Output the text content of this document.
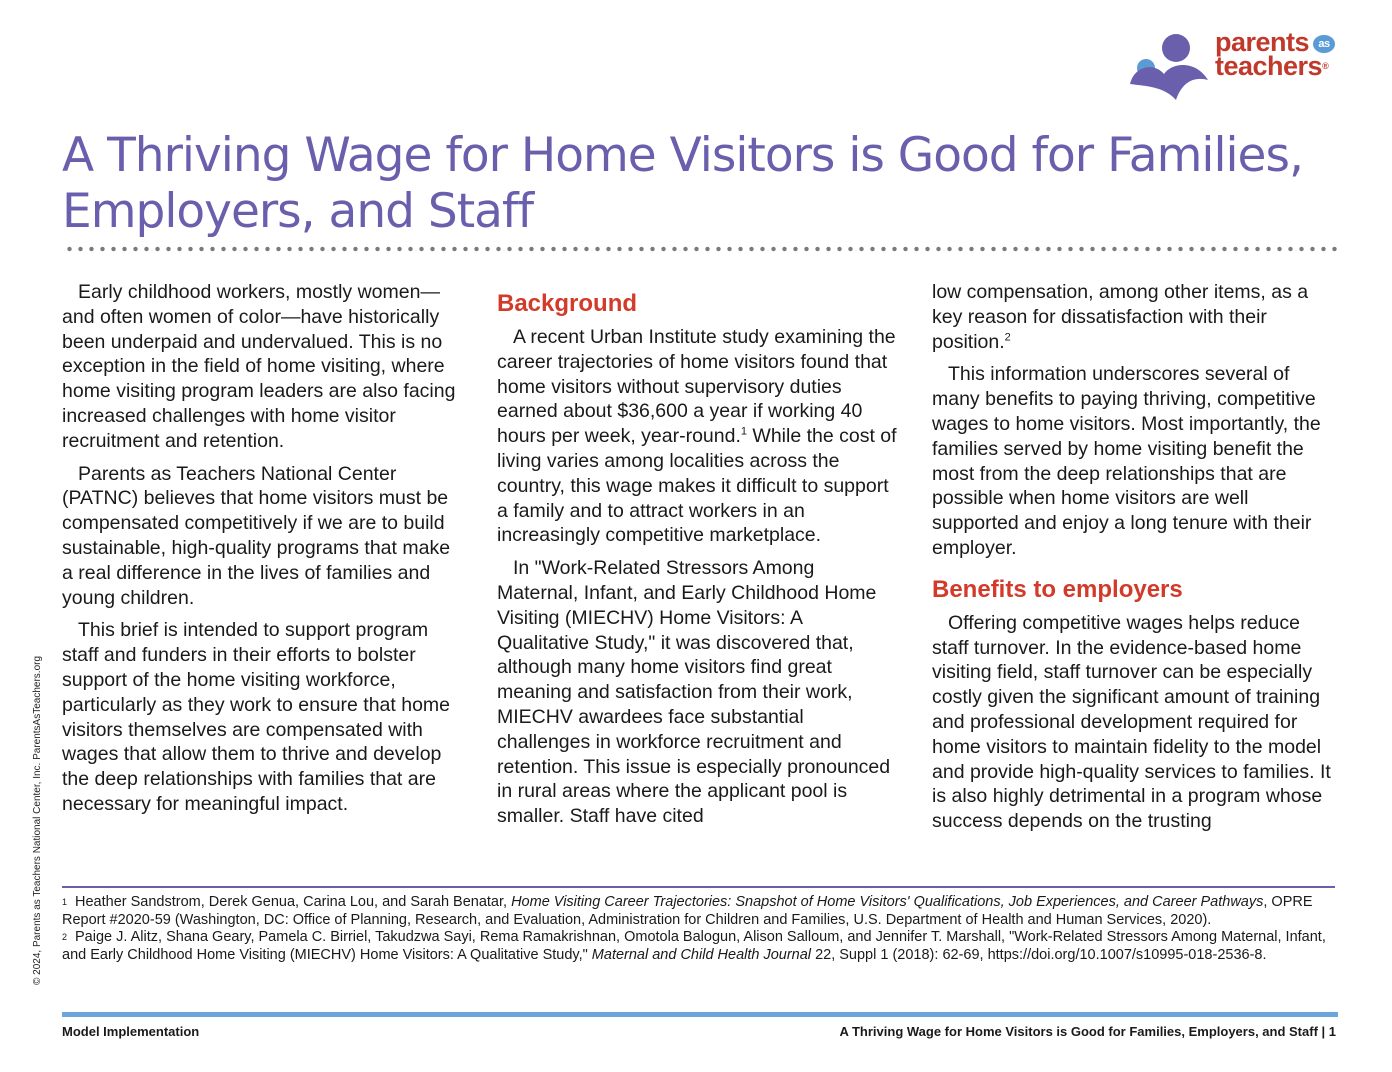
parents as
teachers®
A Thriving Wage for Home Visitors is Good for Families, Employers, and Staff

Early childhood workers, mostly women—and often women of color—have historically been underpaid and undervalued. This is no exception in the field of home visiting, where home visiting program leaders are also facing increased challenges with home visitor recruitment and retention.

Parents as Teachers National Center (PATNC) believes that home visitors must be compensated competitively if we are to build sustainable, high-quality programs that make a real difference in the lives of families and young children.

This brief is intended to support program staff and funders in their efforts to bolster support of the home visiting workforce, particularly as they work to ensure that home visitors themselves are compensated with wages that allow them to thrive and develop the deep relationships with families that are necessary for meaningful impact.

Background

A recent Urban Institute study examining the career trajectories of home visitors found that home visitors without supervisory duties earned about $36,600 a year if working 40 hours per week, year-round.$^1$ While the cost of living varies among localities across the country, this wage makes it difficult to support a family and to attract workers in an increasingly competitive marketplace.

In "Work-Related Stressors Among Maternal, Infant, and Early Childhood Home Visiting (MIECHV) Home Visitors: A Qualitative Study," it was discovered that, although many home visitors find great meaning and satisfaction from their work, MIECHV awardees face substantial challenges in workforce recruitment and retention. This issue is especially pronounced in rural areas where the applicant pool is smaller. Staff have cited

low compensation, among other items, as a key reason for dissatisfaction with their position.$^2$

This information underscores several of many benefits to paying thriving, competitive wages to home visitors. Most importantly, the families served by home visiting benefit the most from the deep relationships that are possible when home visitors are well supported and enjoy a long tenure with their employer.

Benefits to employers

Offering competitive wages helps reduce staff turnover. In the evidence-based home visiting field, staff turnover can be especially costly given the significant amount of training and professional development required for home visitors to maintain fidelity to the model and provide high-quality services to families. It is also highly detrimental in a program whose success depends on the trusting

$^1$ Heather Sandstrom, Derek Genua, Carina Lou, and Sarah Benatar, Home Visiting Career Trajectories: Snapshot of Home Visitors' Qualifications, Job Experiences, and Career Pathways, OPRE Report #2020-59 (Washington, DC: Office of Planning, Research, and Evaluation, Administration for Children and Families, U.S. Department of Health and Human Services, 2020).

$^2$ Paige J. Alitz, Shana Geary, Pamela C. Birriel, Takudzwa Sayi, Rema Ramakrishnan, Omotola Balogun, Alison Salloum, and Jennifer T. Marshall, "Work-Related Stressors Among Maternal, Infant, and Early Childhood Home Visiting (MIECHV) Home Visitors: A Qualitative Study," Maternal and Child Health Journal 22, Suppl 1 (2018): 62-69, https://doi.org/10.1007/s10995-018-2536-8.

Model Implementation	A Thriving Wage for Home Visitors is Good for Families, Employers, and Staff | 1
© 2024, Parents as Teachers National Center, Inc. ParentsAsTeachers.org
